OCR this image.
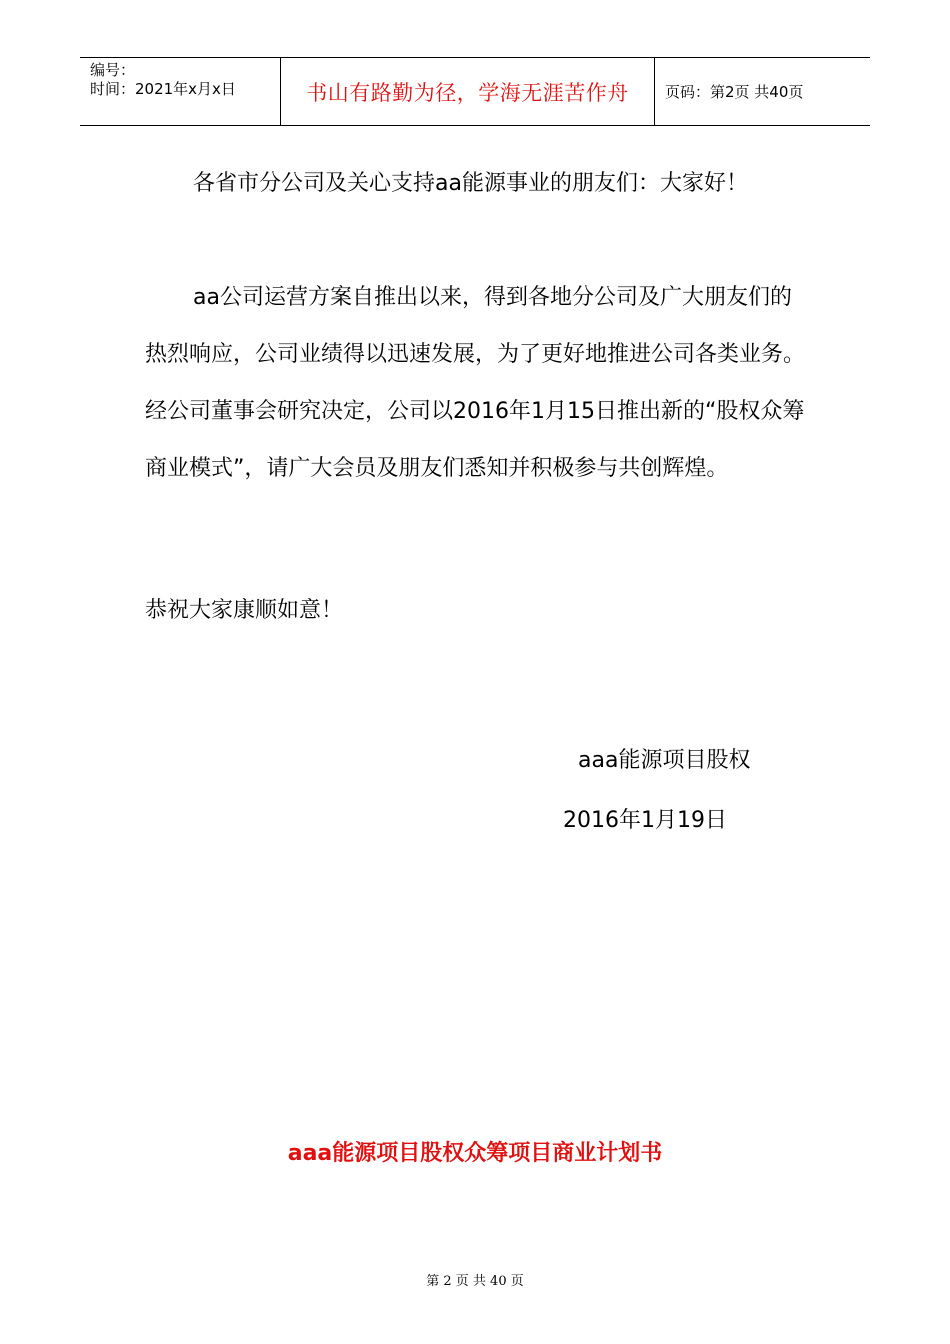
编号：
时间：2021年x月x日	书山有路勤为径，学海无涯苦作舟	页码：第2页 共40页
各省市分公司及关心支持aa能源事业的朋友们：大家好！
aa公司运营方案自推出以来，得到各地分公司及广大朋友们的热烈响应，公司业绩得以迅速发展，为了更好地推进公司各类业务。经公司董事会研究决定，公司以2016年1月15日推出新的“股权众筹商业模式”，请广大会员及朋友们悉知并积极参与共创辉煌。
恭祝大家康顺如意！
aaa能源项目股权
2016年1月19日
aaa能源项目股权众筹项目商业计划书
第 2 页 共 40 页
